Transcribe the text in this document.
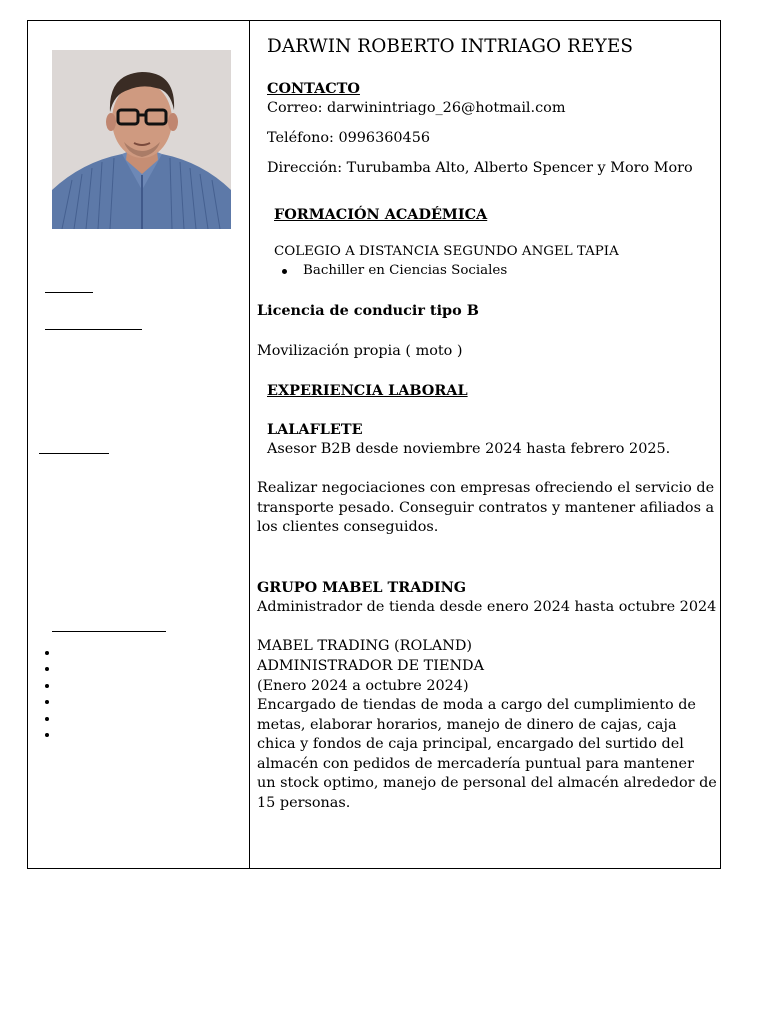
DARWIN ROBERTO INTRIAGO REYES
CONTACTO
Correo: darwinintriago_26@hotmail.com
Teléfono: 0996360456
Dirección: Turubamba Alto, Alberto Spencer y Moro Moro
FORMACIÓN ACADÉMICA
COLEGIO A DISTANCIA SEGUNDO ANGEL TAPIA
Bachiller en Ciencias Sociales
Licencia de conducir tipo B
Movilización propia ( moto )
EXPERIENCIA LABORAL
LALAFLETE
Asesor B2B desde noviembre 2024 hasta febrero 2025.
Realizar negociaciones con empresas ofreciendo el servicio de transporte pesado. Conseguir contratos y mantener afiliados a los clientes conseguidos.
GRUPO MABEL TRADING
Administrador de tienda desde enero 2024 hasta octubre 2024
MABEL TRADING (ROLAND)
ADMINISTRADOR DE TIENDA
(Enero 2024 a octubre 2024)
Encargado de tiendas de moda a cargo del cumplimiento de metas, elaborar horarios, manejo de dinero de cajas, caja chica y fondos de caja principal, encargado del surtido del almacén con pedidos de mercadería puntual para mantener un stock optimo, manejo de personal del almacén alrededor de 15 personas.
